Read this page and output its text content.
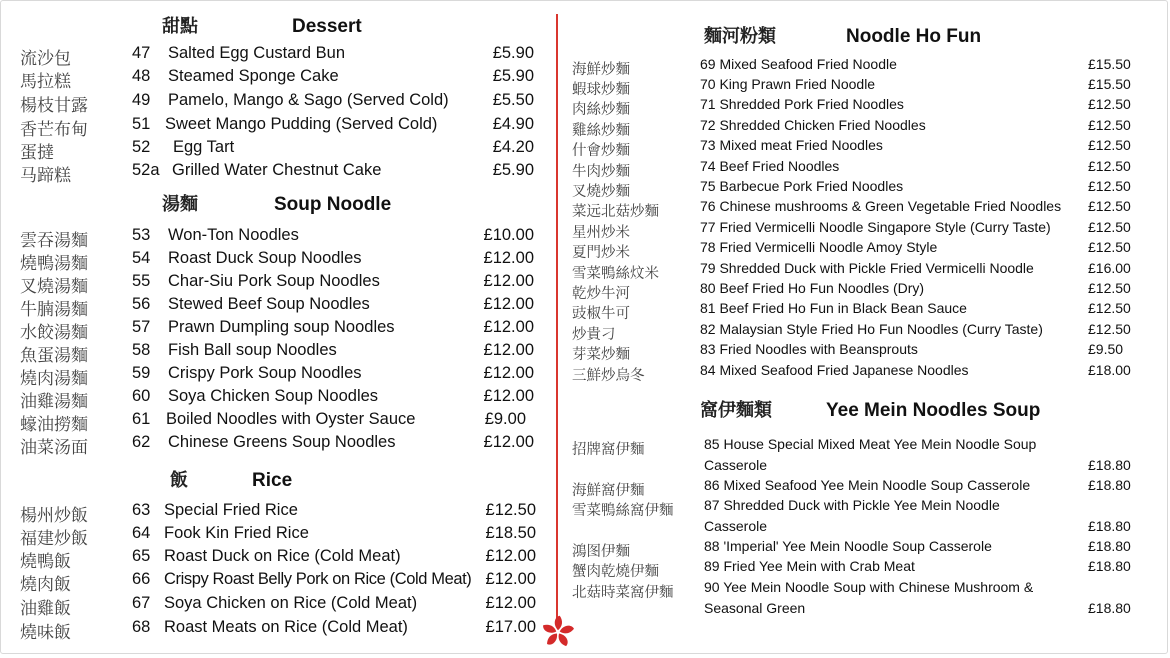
甜點	Dessert
流沙包	47 Salted Egg Custard Bun	£5.90
馬拉糕	48 Steamed Sponge Cake	£5.90
楊枝甘露	49 Pamelo, Mango & Sago (Served Cold)	£5.50
香芒布甸	51 Sweet Mango Pudding (Served Cold)	£4.90
蛋撻	52 Egg Tart	£4.20
马蹄糕	52a Grilled Water Chestnut Cake	£5.90
湯麵	Soup Noodle
雲吞湯麵	53 Won-Ton Noodles	£10.00
燒鴨湯麵	54 Roast Duck Soup Noodles	£12.00
叉燒湯麵	55 Char-Siu Pork Soup Noodles	£12.00
牛腩湯麵	56 Stewed Beef Soup Noodles	£12.00
水餃湯麵	57 Prawn Dumpling soup Noodles	£12.00
魚蛋湯麵	58 Fish Ball soup Noodles	£12.00
燒肉湯麵	59 Crispy Pork Soup Noodles	£12.00
油雞湯麵	60 Soya Chicken Soup Noodles	£12.00
蠔油撈麵	61 Boiled Noodles with Oyster Sauce	£9.00
油菜汤面	62 Chinese Greens Soup Noodles	£12.00
飯	Rice
楊州炒飯	63 Special Fried Rice	£12.50
福建炒飯	64 Fook Kin Fried Rice	£18.50
燒鴨飯	65 Roast Duck on Rice (Cold Meat)	£12.00
燒肉飯	66 Crispy Roast Belly Pork on Rice (Cold Meat) £12.00
油雞飯	67 Soya Chicken on Rice (Cold Meat)	£12.00
燒味飯	68 Roast Meats on Rice (Cold Meat)	£17.00
麵河粉類	Noodle Ho Fun
海鮮炒麵	69 Mixed Seafood Fried Noodle	£15.50
蝦球炒麵	70 King Prawn Fried Noodle	£15.50
肉絲炒麵	71 Shredded Pork Fried Noodles	£12.50
雞絲炒麵	72 Shredded Chicken Fried Noodles	£12.50
什會炒麵	73 Mixed meat Fried Noodles	£12.50
牛肉炒麵	74 Beef Fried Noodles	£12.50
叉燒炒麵	75 Barbecue Pork Fried Noodles	£12.50
菜远北菇炒麵	76 Chinese mushrooms & Green Vegetable Fried Noodles £12.50
星州炒米	77 Fried Vermicelli Noodle Singapore Style (Curry Taste)	£12.50
夏門炒米	78 Fried Vermicelli Noodle Amoy Style	£12.50
雪菜鴨絲炆米	79 Shredded Duck with Pickle Fried Vermicelli Noodle	£16.00
乾炒牛河	80 Beef Fried Ho Fun Noodles (Dry)	£12.50
豉椒牛可	81 Beef Fried Ho Fun in Black Bean Sauce	£12.50
炒貴刁	82 Malaysian Style Fried Ho Fun Noodles (Curry Taste)	£12.50
芽菜炒麵	83 Fried Noodles with Beansprouts	£9.50
三鮮炒烏冬	84 Mixed Seafood Fried Japanese Noodles	£18.00
窩伊麵類	Yee Mein Noodles Soup
招牌窩伊麵	85 House Special Mixed Meat Yee Mein Noodle Soup
Casserole	£18.80
海鮮窩伊麵	86 Mixed Seafood Yee Mein Noodle Soup Casserole	£18.80
雪菜鴨絲窩伊麵 87 Shredded Duck with Pickle Yee Mein Noodle
Casserole	£18.80
鴻图伊麵	88 'Imperial' Yee Mein Noodle Soup Casserole	£18.80
蟹肉乾燒伊麵	89 Fried Yee Mein with Crab Meat	£18.80
北菇時菜窩伊麵 90 Yee Mein Noodle Soup with Chinese Mushroom &
Seasonal Green	£18.80
